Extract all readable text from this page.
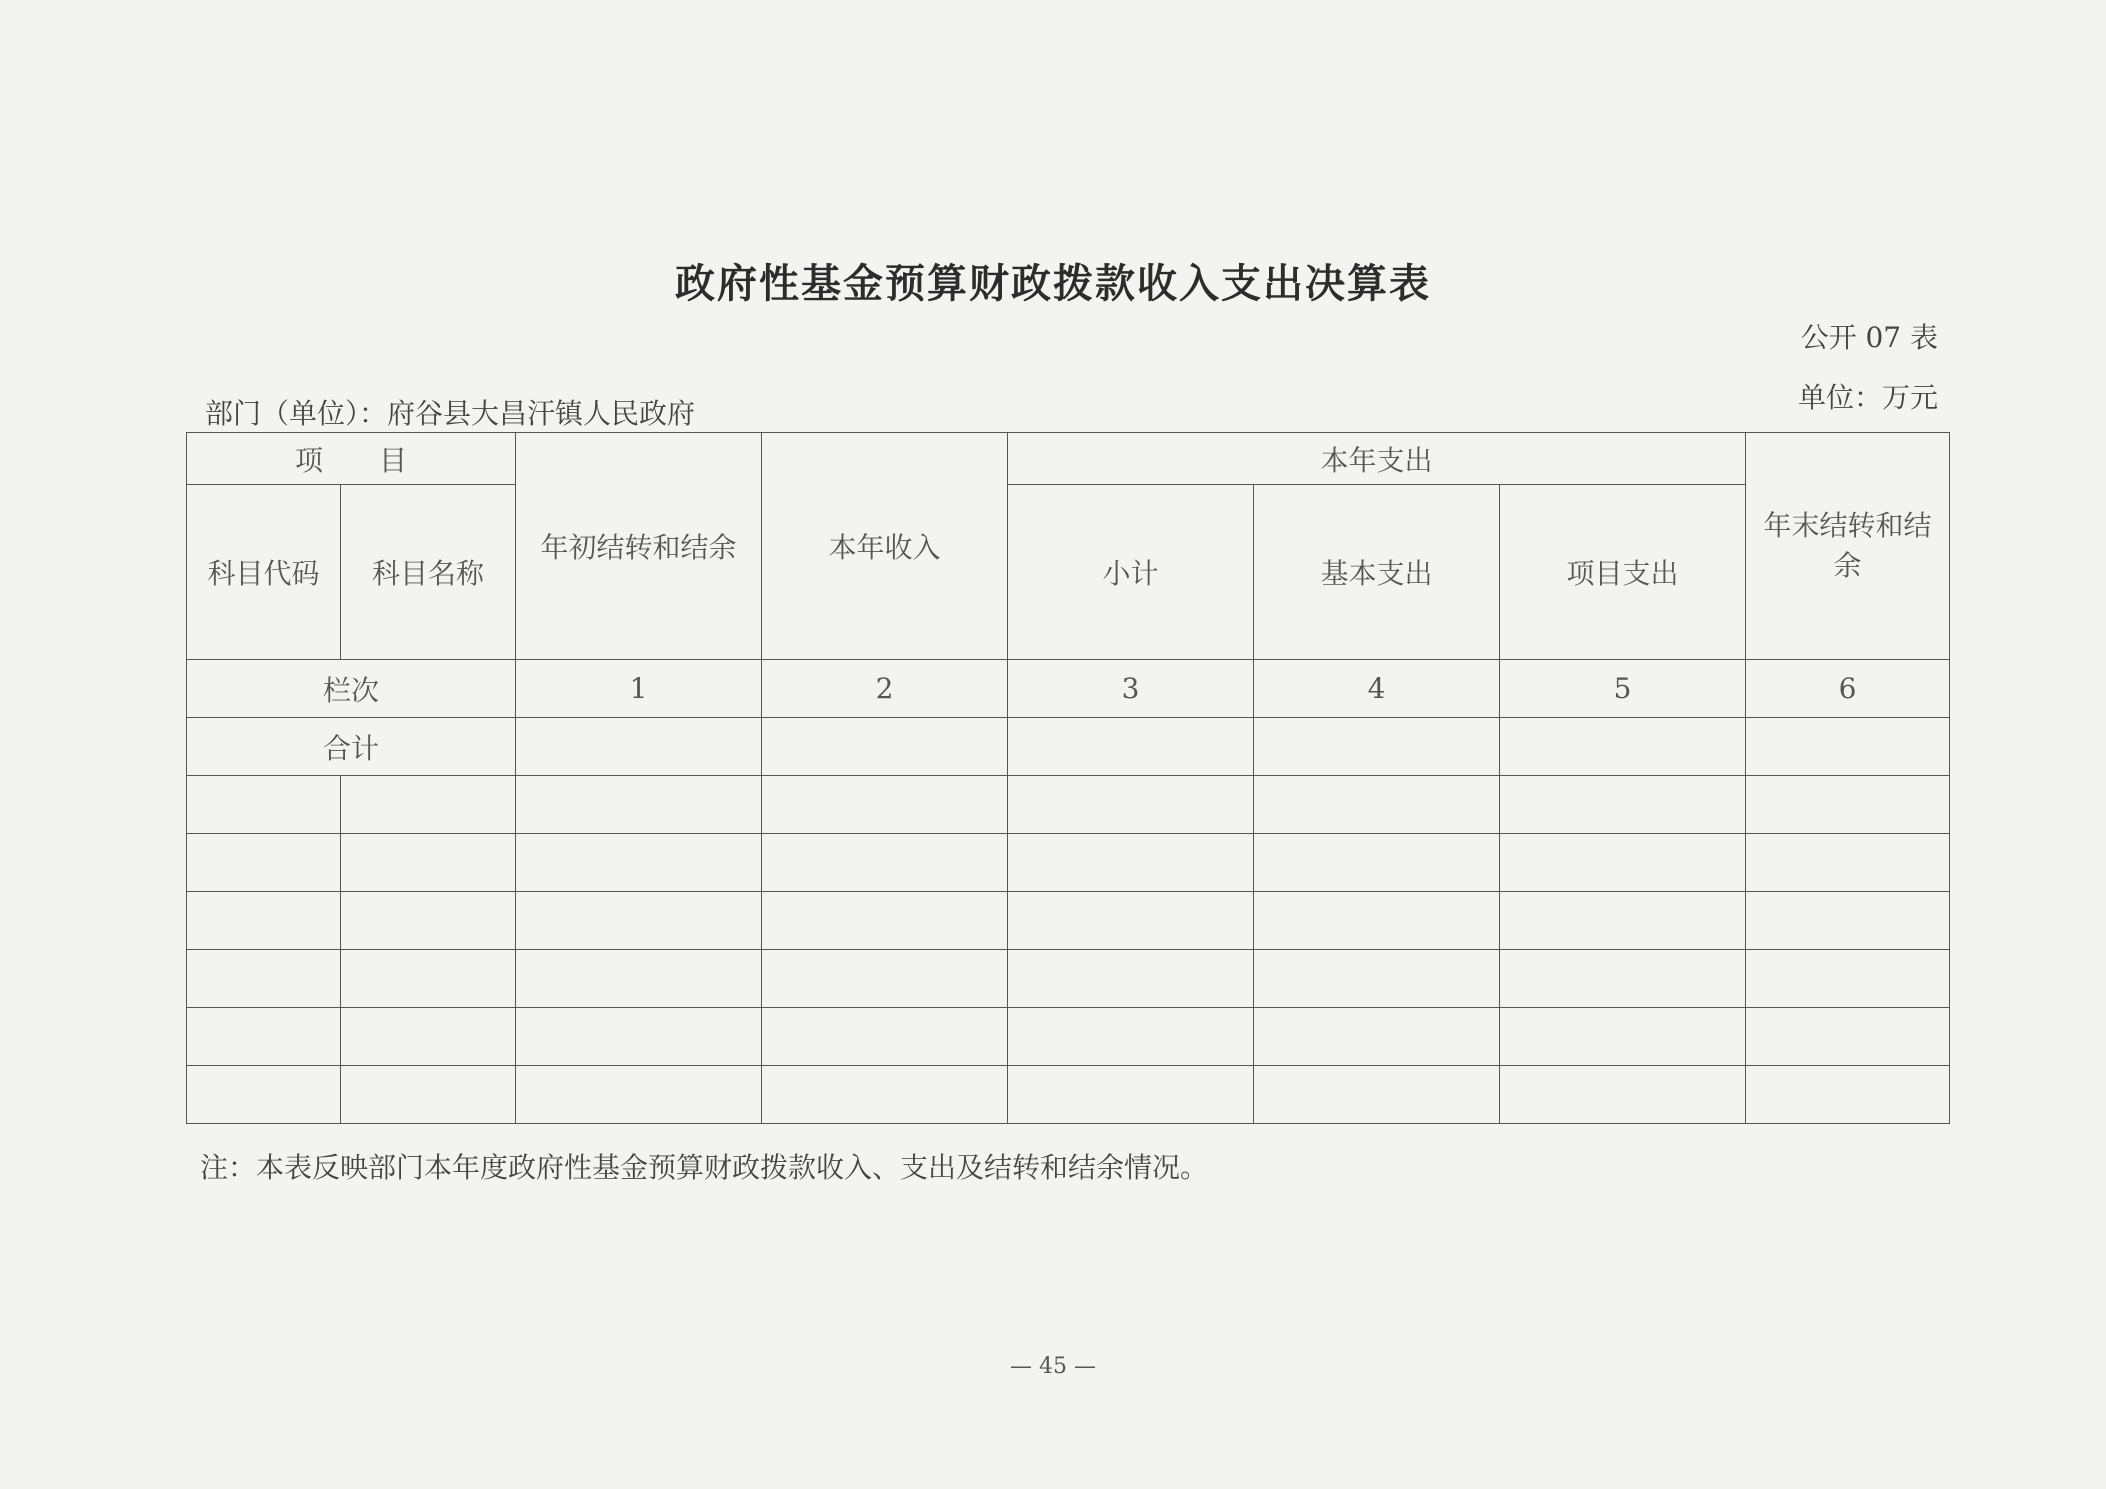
政府性基金预算财政拨款收入支出决算表
公开 07 表
单位：万元
部门（单位）：府谷县大昌汗镇人民政府
项　　目		年初结转和结余	本年收入	本年支出			年末结转和结余
科目代码	科目名称			小计	基本支出	项目支出	
栏次		1	2	3	4	5	6
合计							

注：本表反映部门本年度政府性基金预算财政拨款收入、支出及结转和结余情况。
— 45 —
